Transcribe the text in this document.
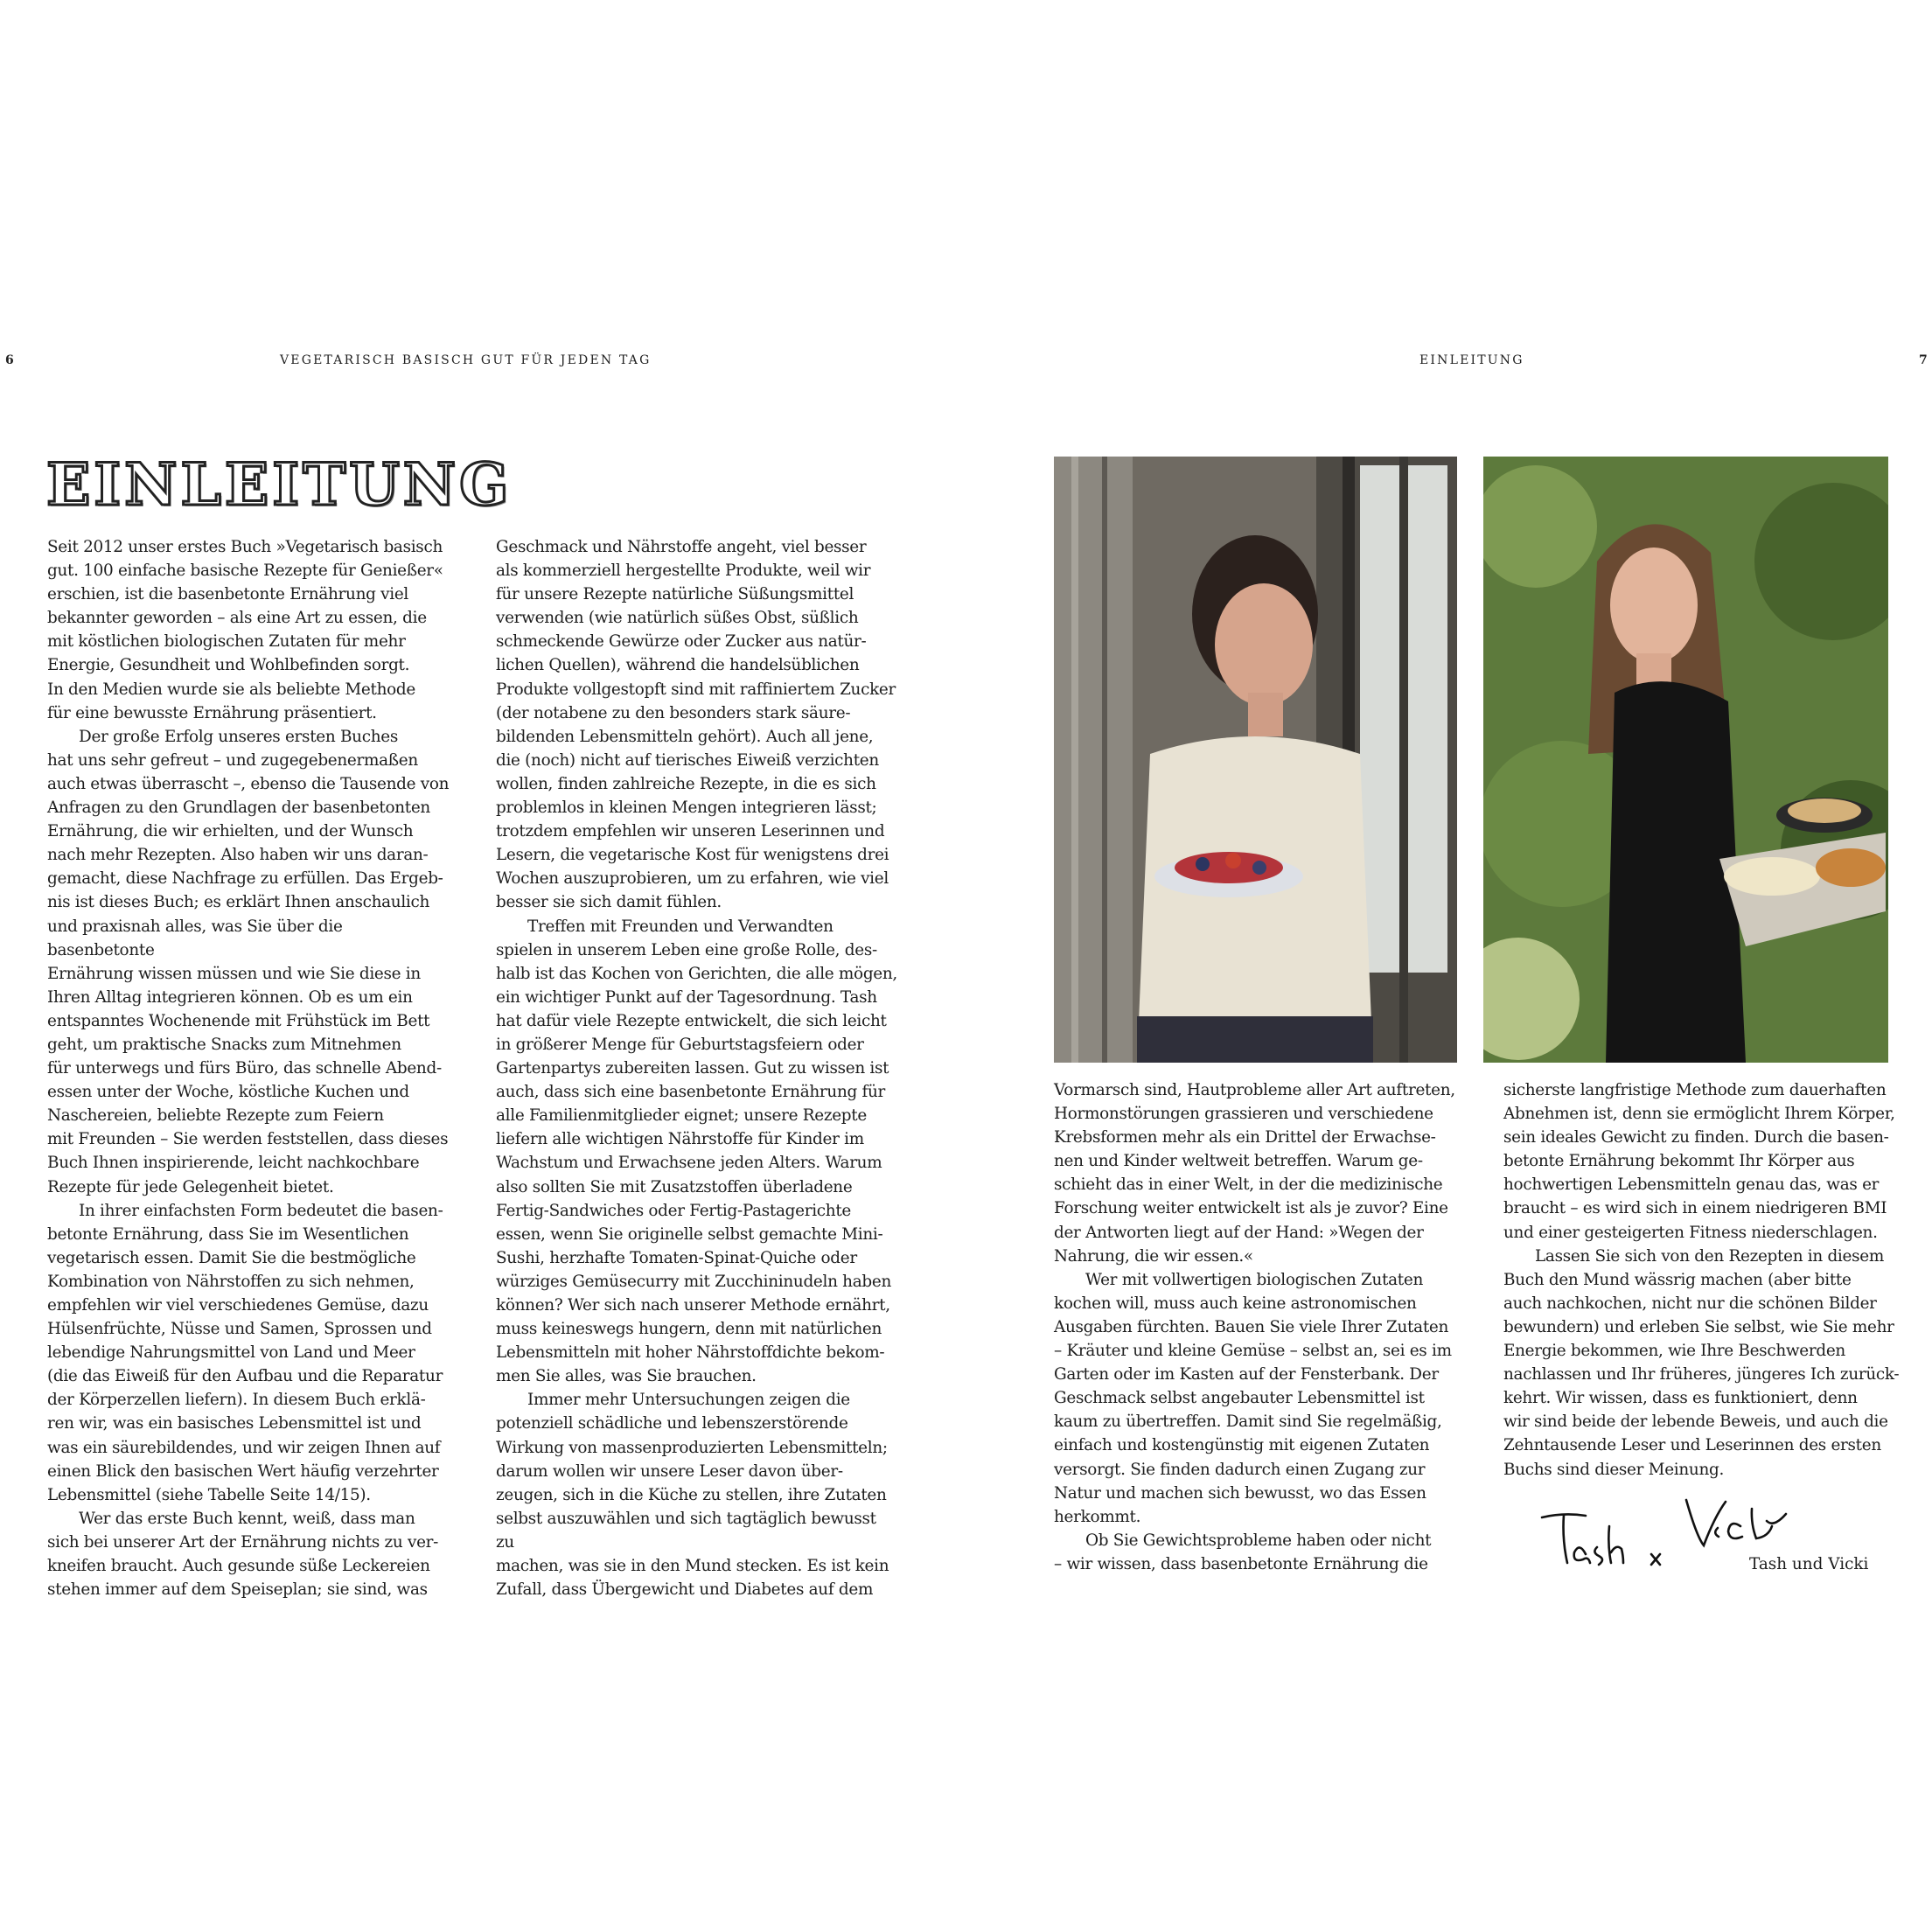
6	VEGETARISCH BASISCH GUT FÜR JEDEN TAG	EINLEITUNG	7
EINLEITUNG

Seit 2012 unser erstes Buch »Vegetarisch basisch
gut. 100 einfache basische Rezepte für Genießer«
erschien, ist die basenbetonte Ernährung viel
bekannter geworden – als eine Art zu essen, die
mit köstlichen biologischen Zutaten für mehr
Energie, Gesundheit und Wohlbefinden sorgt.
In den Medien wurde sie als beliebte Methode
für eine bewusste Ernährung präsentiert.

Der große Erfolg unseres ersten Buches
hat uns sehr gefreut – und zugegebenermaßen
auch etwas überrascht –, ebenso die Tausende von
Anfragen zu den Grundlagen der basenbetonten
Ernährung, die wir erhielten, und der Wunsch
nach mehr Rezepten. Also haben wir uns daran-
gemacht, diese Nachfrage zu erfüllen. Das Ergeb-
nis ist dieses Buch; es erklärt Ihnen anschaulich
und praxisnah alles, was Sie über die basenbetonte
Ernährung wissen müssen und wie Sie diese in
Ihren Alltag integrieren können. Ob es um ein
entspanntes Wochenende mit Frühstück im Bett
geht, um praktische Snacks zum Mitnehmen
für unterwegs und fürs Büro, das schnelle Abend-
essen unter der Woche, köstliche Kuchen und
Naschereien, beliebte Rezepte zum Feiern
mit Freunden – Sie werden feststellen, dass dieses
Buch Ihnen inspirierende, leicht nachkochbare
Rezepte für jede Gelegenheit bietet.

In ihrer einfachsten Form bedeutet die basen-
betonte Ernährung, dass Sie im Wesentlichen
vegetarisch essen. Damit Sie die bestmögliche
Kombination von Nährstoffen zu sich nehmen,
empfehlen wir viel verschiedenes Gemüse, dazu
Hülsenfrüchte, Nüsse und Samen, Sprossen und
lebendige Nahrungsmittel von Land und Meer
(die das Eiweiß für den Aufbau und die Reparatur
der Körperzellen liefern). In diesem Buch erklä-
ren wir, was ein basisches Lebensmittel ist und
was ein säurebildendes, und wir zeigen Ihnen auf
einen Blick den basischen Wert häufig verzehrter
Lebensmittel (siehe Tabelle Seite 14/15).

Wer das erste Buch kennt, weiß, dass man
sich bei unserer Art der Ernährung nichts zu ver-
kneifen braucht. Auch gesunde süße Leckereien
stehen immer auf dem Speiseplan; sie sind, was

Geschmack und Nährstoffe angeht, viel besser
als kommerziell hergestellte Produkte, weil wir
für unsere Rezepte natürliche Süßungsmittel
verwenden (wie natürlich süßes Obst, süßlich
schmeckende Gewürze oder Zucker aus natür-
lichen Quellen), während die handelsüblichen
Produkte vollgestopft sind mit raffiniertem Zucker
(der notabene zu den besonders stark säure-
bildenden Lebensmitteln gehört). Auch all jene,
die (noch) nicht auf tierisches Eiweiß verzichten
wollen, finden zahlreiche Rezepte, in die es sich
problemlos in kleinen Mengen integrieren lässt;
trotzdem empfehlen wir unseren Leserinnen und
Lesern, die vegetarische Kost für wenigstens drei
Wochen auszuprobieren, um zu erfahren, wie viel
besser sie sich damit fühlen.

Treffen mit Freunden und Verwandten
spielen in unserem Leben eine große Rolle, des-
halb ist das Kochen von Gerichten, die alle mögen,
ein wichtiger Punkt auf der Tagesordnung. Tash
hat dafür viele Rezepte entwickelt, die sich leicht
in größerer Menge für Geburtstagsfeiern oder
Gartenpartys zubereiten lassen. Gut zu wissen ist
auch, dass sich eine basenbetonte Ernährung für
alle Familienmitglieder eignet; unsere Rezepte
liefern alle wichtigen Nährstoffe für Kinder im
Wachstum und Erwachsene jeden Alters. Warum
also sollten Sie mit Zusatzstoffen überladene
Fertig-Sandwiches oder Fertig-Pastagerichte
essen, wenn Sie originelle selbst gemachte Mini-
Sushi, herzhafte Tomaten-Spinat-Quiche oder
würziges Gemüsecurry mit Zucchininudeln haben
können? Wer sich nach unserer Methode ernährt,
muss keineswegs hungern, denn mit natürlichen
Lebensmitteln mit hoher Nährstoffdichte bekom-
men Sie alles, was Sie brauchen.

Immer mehr Untersuchungen zeigen die
potenziell schädliche und lebenszerstörende
Wirkung von massenproduzierten Lebensmitteln;
darum wollen wir unsere Leser davon über-
zeugen, sich in die Küche zu stellen, ihre Zutaten
selbst auszuwählen und sich tagtäglich bewusst zu
machen, was sie in den Mund stecken. Es ist kein
Zufall, dass Übergewicht und Diabetes auf dem

Vormarsch sind, Hautprobleme aller Art auftreten,
Hormonstörungen grassieren und verschiedene
Krebsformen mehr als ein Drittel der Erwachse-
nen und Kinder weltweit betreffen. Warum ge-
schieht das in einer Welt, in der die medizinische
Forschung weiter entwickelt ist als je zuvor? Eine
der Antworten liegt auf der Hand: »Wegen der
Nahrung, die wir essen.«

Wer mit vollwertigen biologischen Zutaten
kochen will, muss auch keine astronomischen
Ausgaben fürchten. Bauen Sie viele Ihrer Zutaten
– Kräuter und kleine Gemüse – selbst an, sei es im
Garten oder im Kasten auf der Fensterbank. Der
Geschmack selbst angebauter Lebensmittel ist
kaum zu übertreffen. Damit sind Sie regelmäßig,
einfach und kostengünstig mit eigenen Zutaten
versorgt. Sie finden dadurch einen Zugang zur
Natur und machen sich bewusst, wo das Essen
herkommt.

Ob Sie Gewichtsprobleme haben oder nicht
– wir wissen, dass basenbetonte Ernährung die

sicherste langfristige Methode zum dauerhaften
Abnehmen ist, denn sie ermöglicht Ihrem Körper,
sein ideales Gewicht zu finden. Durch die basen-
betonte Ernährung bekommt Ihr Körper aus
hochwertigen Lebensmitteln genau das, was er
braucht – es wird sich in einem niedrigeren BMI
und einer gesteigerten Fitness niederschlagen.

Lassen Sie sich von den Rezepten in diesem
Buch den Mund wässrig machen (aber bitte
auch nachkochen, nicht nur die schönen Bilder
bewundern) und erleben Sie selbst, wie Sie mehr
Energie bekommen, wie Ihre Beschwerden
nachlassen und Ihr früheres, jüngeres Ich zurück-
kehrt. Wir wissen, dass es funktioniert, denn
wir sind beide der lebende Beweis, und auch die
Zehntausende Leser und Leserinnen des ersten
Buchs sind dieser Meinung.

Tash und Vicki
